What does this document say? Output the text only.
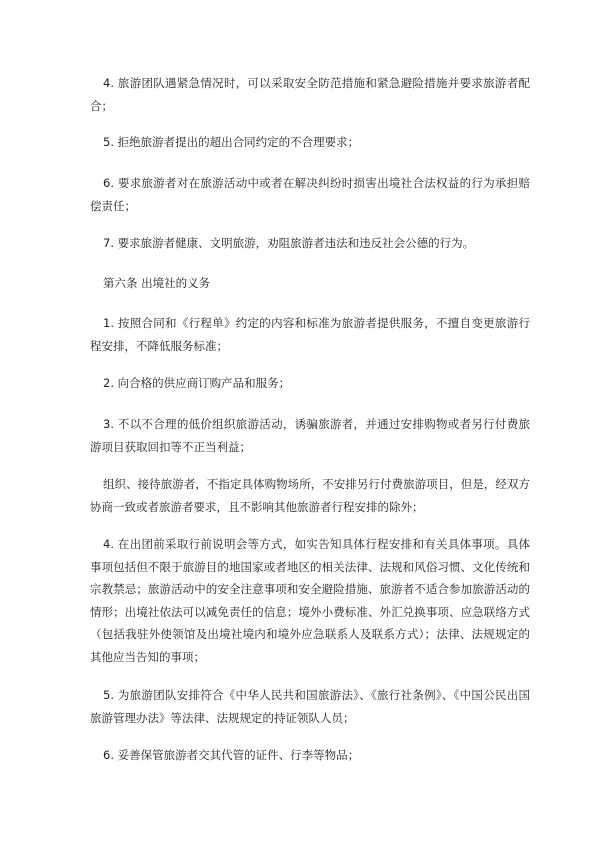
4. 旅游团队遇紧急情况时，可以采取安全防范措施和紧急避险措施并要求旅游者配合；

5. 拒绝旅游者提出的超出合同约定的不合理要求；

6. 要求旅游者对在旅游活动中或者在解决纠纷时损害出境社合法权益的行为承担赔偿责任；

7. 要求旅游者健康、文明旅游，劝阻旅游者违法和违反社会公德的行为。

第六条 出境社的义务

1. 按照合同和《行程单》约定的内容和标准为旅游者提供服务，不擅自变更旅游行程安排，不降低服务标准；

2. 向合格的供应商订购产品和服务；

3. 不以不合理的低价组织旅游活动，诱骗旅游者，并通过安排购物或者另行付费旅游项目获取回扣等不正当利益；

组织、接待旅游者，不指定具体购物场所，不安排另行付费旅游项目，但是，经双方协商一致或者旅游者要求，且不影响其他旅游者行程安排的除外；

4. 在出团前采取行前说明会等方式，如实告知具体行程安排和有关具体事项。具体事项包括但不限于旅游目的地国家或者地区的相关法律、法规和风俗习惯、文化传统和宗教禁忌；旅游活动中的安全注意事项和安全避险措施、旅游者不适合参加旅游活动的情形；出境社依法可以减免责任的信息；境外小费标准、外汇兑换事项、应急联络方式（包括我驻外使领馆及出境社境内和境外应急联系人及联系方式）；法律、法规规定的其他应当告知的事项；

5. 为旅游团队安排符合《中华人民共和国旅游法》、《旅行社条例》、《中国公民出国旅游管理办法》等法律、法规规定的持证领队人员；

6. 妥善保管旅游者交其代管的证件、行李等物品；
